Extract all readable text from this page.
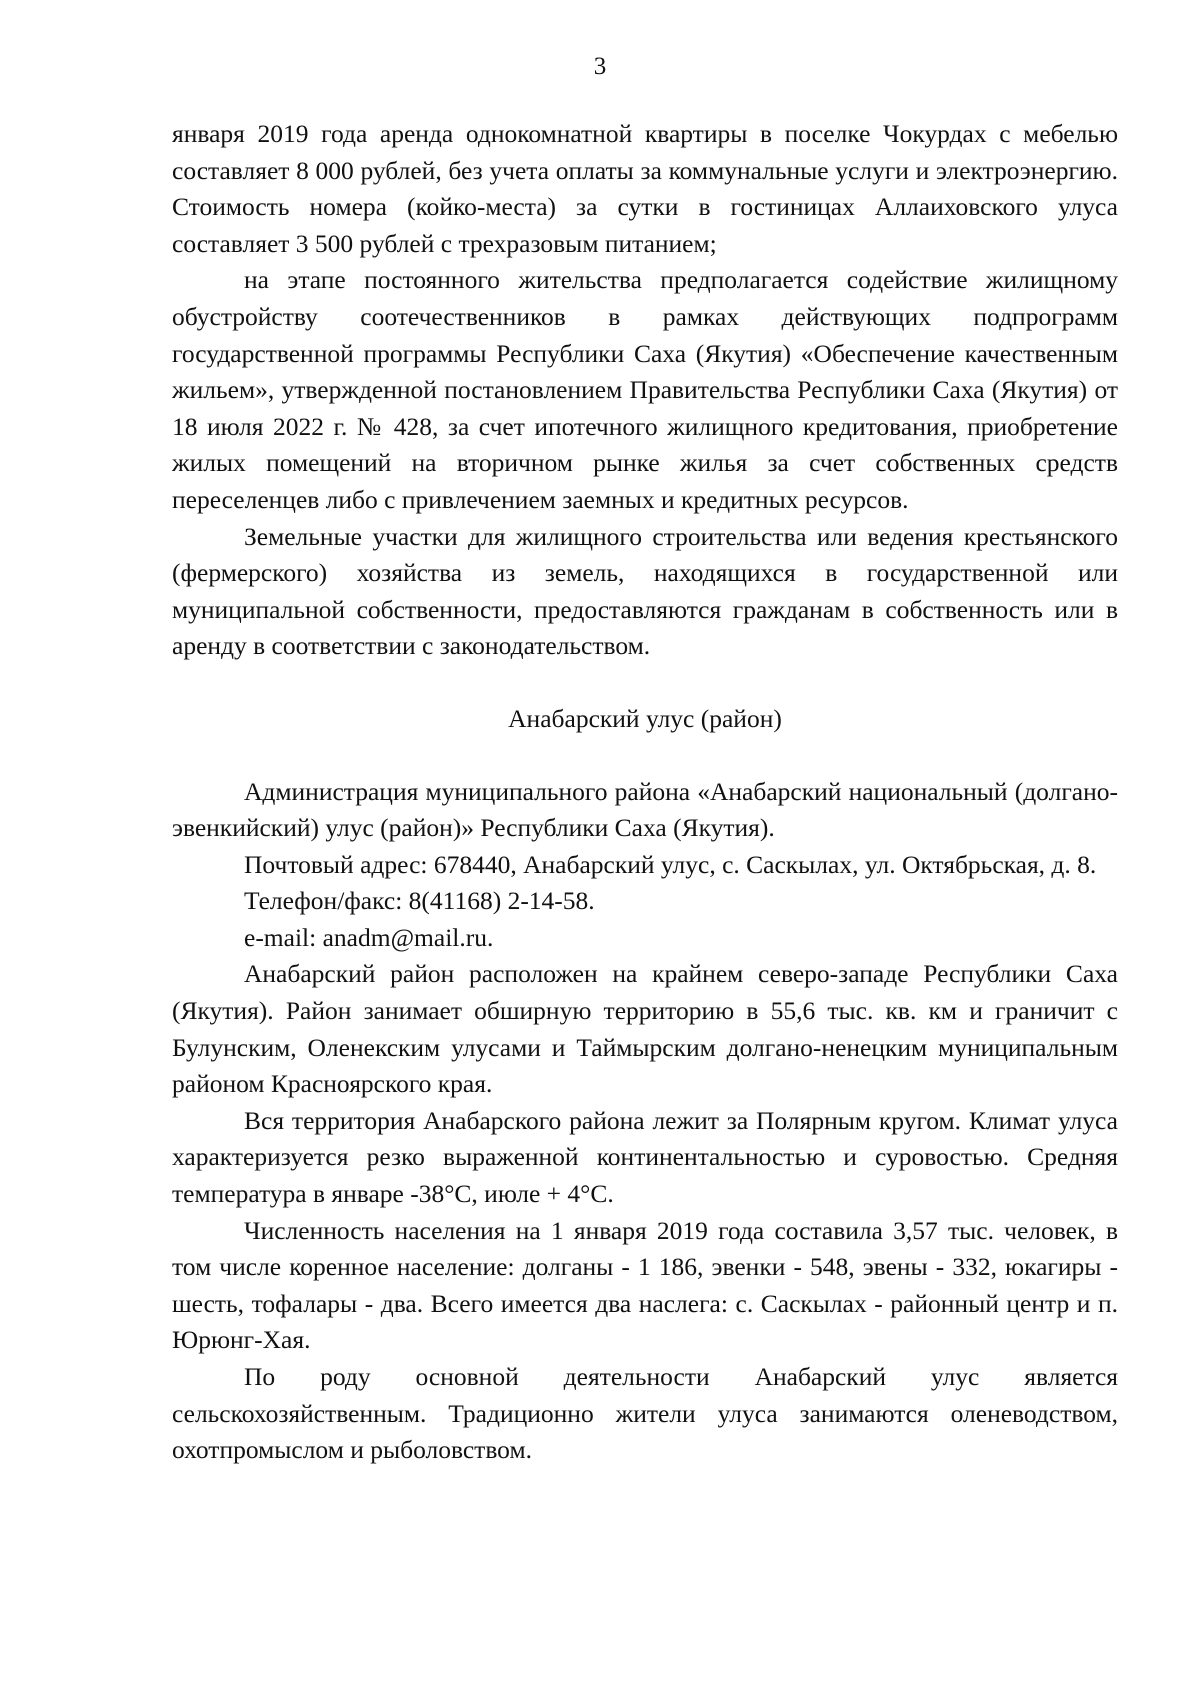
3

января 2019 года аренда однокомнатной квартиры в поселке Чокурдах с мебелью составляет 8 000 рублей, без учета оплаты за коммунальные услуги и электроэнергию. Стоимость номера (койко-места) за сутки в гостиницах Аллаиховского улуса составляет 3 500 рублей с трехразовым питанием;

на этапе постоянного жительства предполагается содействие жилищному обустройству соотечественников в рамках действующих подпрограмм государственной программы Республики Саха (Якутия) «Обеспечение качественным жильем», утвержденной постановлением Правительства Республики Саха (Якутия) от 18 июля 2022 г. № 428, за счет ипотечного жилищного кредитования, приобретение жилых помещений на вторичном рынке жилья за счет собственных средств переселенцев либо с привлечением заемных и кредитных ресурсов.

Земельные участки для жилищного строительства или ведения крестьянского (фермерского) хозяйства из земель, находящихся в государственной или муниципальной собственности, предоставляются гражданам в собственность или в аренду в соответствии с законодательством.

Анабарский улус (район)

Администрация муниципального района «Анабарский национальный (долгано-эвенкийский) улус (район)» Республики Саха (Якутия).

Почтовый адрес: 678440, Анабарский улус, с. Саскылах, ул. Октябрьская, д. 8.

Телефон/факс: 8(41168) 2-14-58.

e-mail: anadm@mail.ru.

Анабарский район расположен на крайнем северо-западе Республики Саха (Якутия). Район занимает обширную территорию в 55,6 тыс. кв. км и граничит с Булунским, Оленекским улусами и Таймырским долгано-ненецким муниципальным районом Красноярского края.

Вся территория Анабарского района лежит за Полярным кругом. Климат улуса характеризуется резко выраженной континентальностью и суровостью. Средняя температура в январе -38°С, июле + 4°С.

Численность населения на 1 января 2019 года составила 3,57 тыс. человек, в том числе коренное население: долганы - 1 186, эвенки - 548, эвены - 332, юкагиры - шесть, тофалары - два. Всего имеется два наслега: с. Саскылах - районный центр и п. Юрюнг-Хая.

По роду основной деятельности Анабарский улус является сельскохозяйственным. Традиционно жители улуса занимаются оленеводством, охотпромыслом и рыболовством.
